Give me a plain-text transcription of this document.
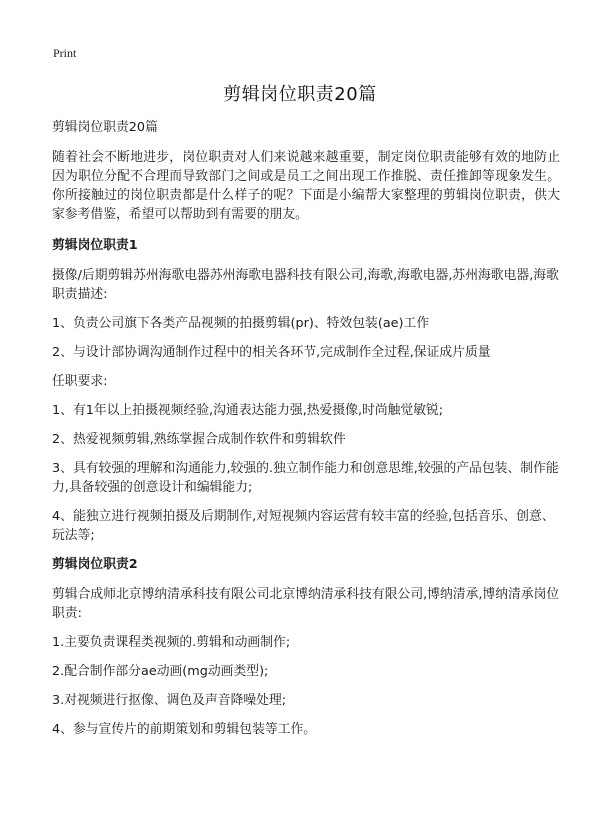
Print
剪辑岗位职责20篇
剪辑岗位职责20篇
随着社会不断地进步，岗位职责对人们来说越来越重要，制定岗位职责能够有效的地防止因为职位分配不合理而导致部门之间或是员工之间出现工作推脱、责任推卸等现象发生。你所接触过的岗位职责都是什么样子的呢？下面是小编帮大家整理的剪辑岗位职责，供大家参考借鉴，希望可以帮助到有需要的朋友。
剪辑岗位职责1
摄像/后期剪辑苏州海歌电器苏州海歌电器科技有限公司,海歌,海歌电器,苏州海歌电器,海歌职责描述:
1、负责公司旗下各类产品视频的拍摄剪辑(pr)、特效包装(ae)工作
2、与设计部协调沟通制作过程中的相关各环节,完成制作全过程,保证成片质量
任职要求:
1、有1年以上拍摄视频经验,沟通表达能力强,热爱摄像,时尚触觉敏锐;
2、热爱视频剪辑,熟练掌握合成制作软件和剪辑软件
3、具有较强的理解和沟通能力,较强的.独立制作能力和创意思维,较强的产品包装、制作能力,具备较强的创意设计和编辑能力;
4、能独立进行视频拍摄及后期制作,对短视频内容运营有较丰富的经验,包括音乐、创意、玩法等;
剪辑岗位职责2
剪辑合成师北京博纳清承科技有限公司北京博纳清承科技有限公司,博纳清承,博纳清承岗位职责:
1.主要负责课程类视频的.剪辑和动画制作;
2.配合制作部分ae动画(mg动画类型);
3.对视频进行抠像、调色及声音降噪处理;
4、参与宣传片的前期策划和剪辑包装等工作。
